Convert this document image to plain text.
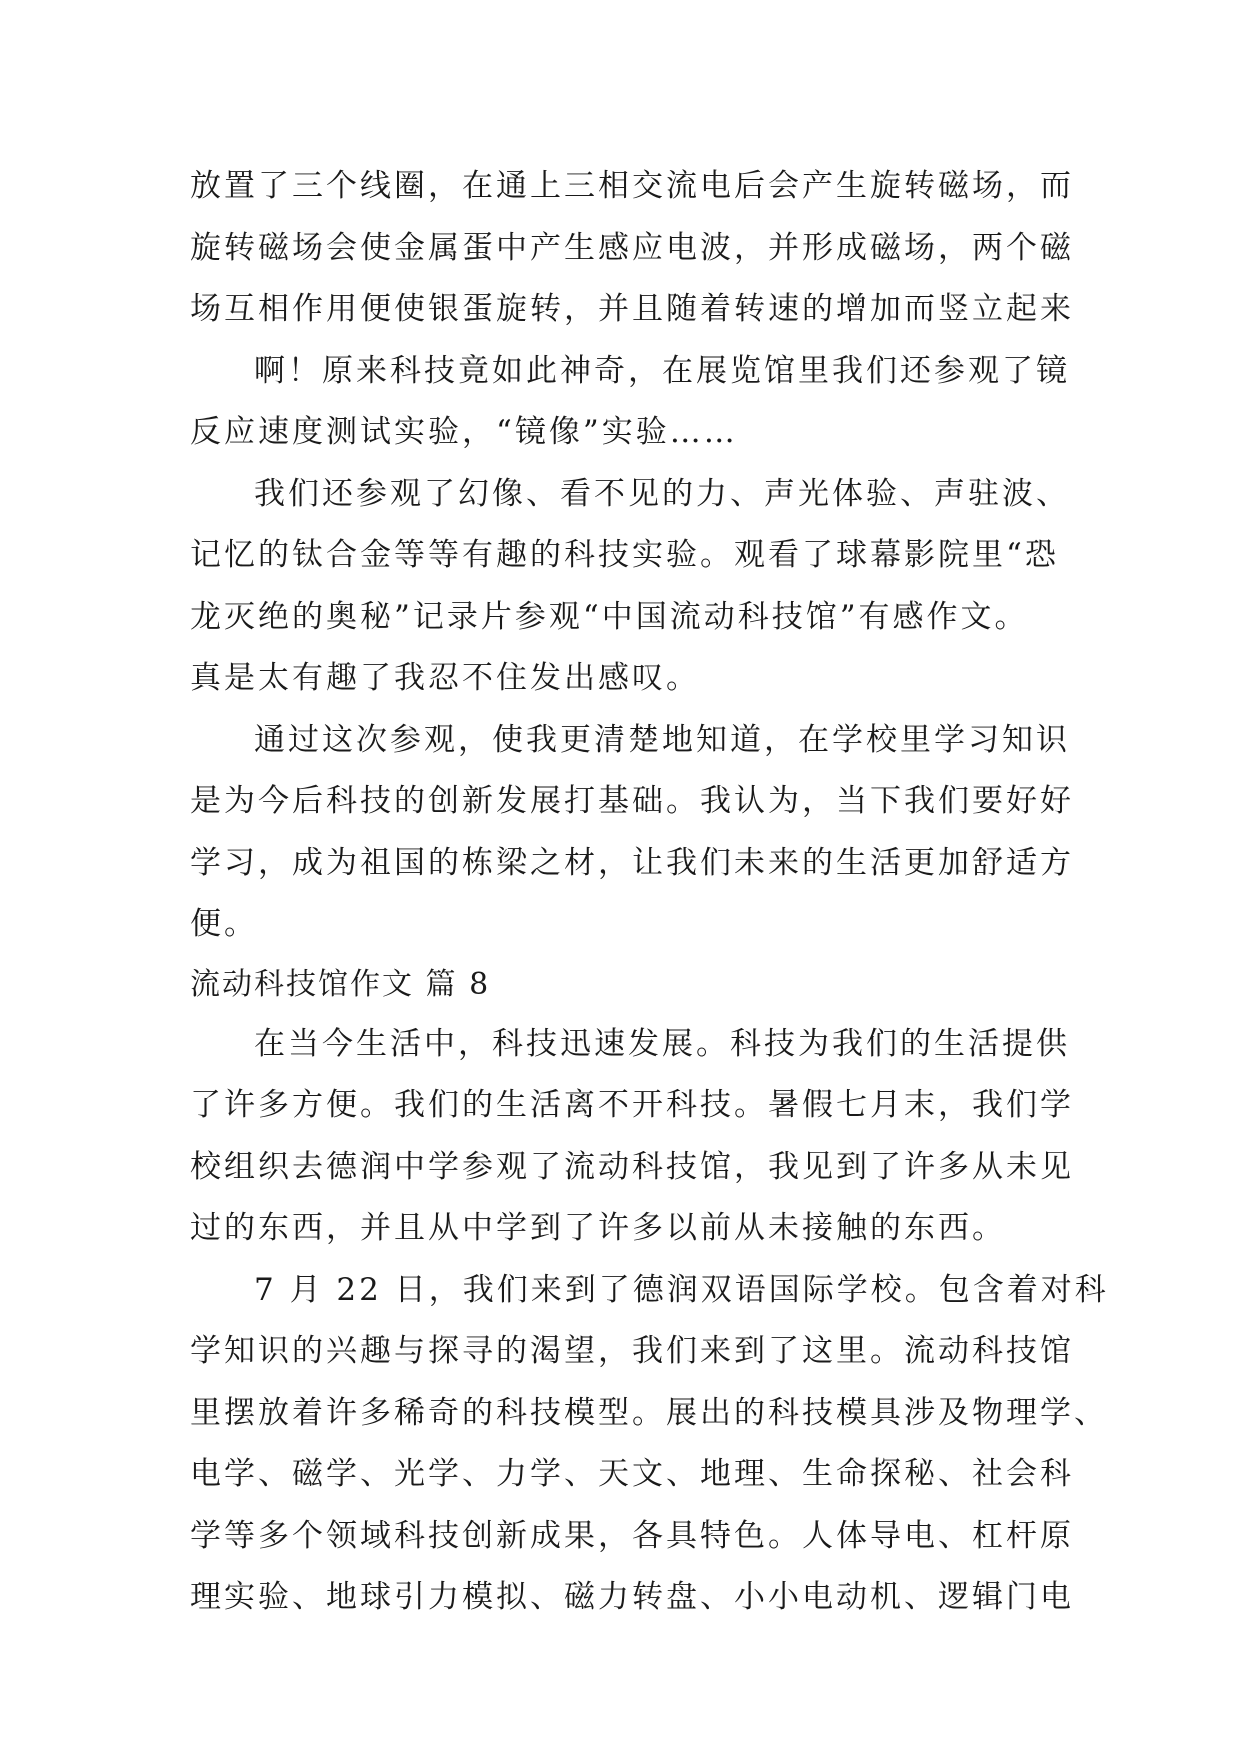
放置了三个线圈，在通上三相交流电后会产生旋转磁场，而
旋转磁场会使金属蛋中产生感应电波，并形成磁场，两个磁
场互相作用便使银蛋旋转，并且随着转速的增加而竖立起来
啊！原来科技竟如此神奇，在展览馆里我们还参观了镜
反应速度测试实验，“镜像”实验……
我们还参观了幻像、看不见的力、声光体验、声驻波、
记忆的钛合金等等有趣的科技实验。观看了球幕影院里“恐
龙灭绝的奥秘”记录片参观“中国流动科技馆”有感作文。
真是太有趣了我忍不住发出感叹。
通过这次参观，使我更清楚地知道，在学校里学习知识
是为今后科技的创新发展打基础。我认为，当下我们要好好
学习，成为祖国的栋梁之材，让我们未来的生活更加舒适方
便。
流动科技馆作文 篇 8
在当今生活中，科技迅速发展。科技为我们的生活提供
了许多方便。我们的生活离不开科技。暑假七月末，我们学
校组织去德润中学参观了流动科技馆，我见到了许多从未见
过的东西，并且从中学到了许多以前从未接触的东西。
7 月 22 日，我们来到了德润双语国际学校。包含着对科
学知识的兴趣与探寻的渴望，我们来到了这里。流动科技馆
里摆放着许多稀奇的科技模型。展出的科技模具涉及物理学、
电学、磁学、光学、力学、天文、地理、生命探秘、社会科
学等多个领域科技创新成果，各具特色。人体导电、杠杆原
理实验、地球引力模拟、磁力转盘、小小电动机、逻辑门电
